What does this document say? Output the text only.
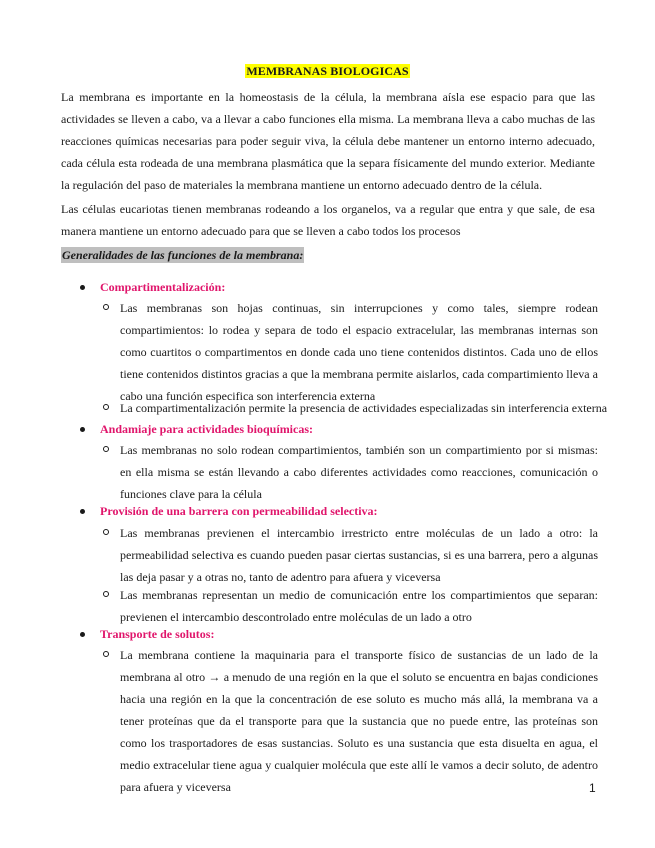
MEMBRANAS BIOLOGICAS

La membrana es importante en la homeostasis de la célula, la membrana aísla ese espacio para que las actividades se lleven a cabo, va a llevar a cabo funciones ella misma. La membrana lleva a cabo muchas de las reacciones químicas necesarias para poder seguir viva, la célula debe mantener un entorno interno adecuado, cada célula esta rodeada de una membrana plasmática que la separa físicamente del mundo exterior. Mediante la regulación del paso de materiales la membrana mantiene un entorno adecuado dentro de la célula.

Las células eucariotas tienen membranas rodeando a los organelos, va a regular que entra y que sale, de esa manera mantiene un entorno adecuado para que se lleven a cabo todos los procesos

Generalidades de las funciones de la membrana:
Compartimentalización:

Las membranas son hojas continuas, sin interrupciones y como tales, siempre rodean compartimientos: lo rodea y separa de todo el espacio extracelular, las membranas internas son como cuartitos o compartimentos en donde cada uno tiene contenidos distintos. Cada uno de ellos tiene contenidos distintos gracias a que la membrana permite aislarlos, cada compartimiento lleva a cabo una función especifica son interferencia externa

La compartimentalización permite la presencia de actividades especializadas sin interferencia externa

Andamiaje para actividades bioquímicas:

Las membranas no solo rodean compartimientos, también son un compartimiento por si mismas: en ella misma se están llevando a cabo diferentes actividades como reacciones, comunicación o funciones clave para la célula

Provisión de una barrera con permeabilidad selectiva:

Las membranas previenen el intercambio irrestricto entre moléculas de un lado a otro: la permeabilidad selectiva es cuando pueden pasar ciertas sustancias, si es una barrera, pero a algunas las deja pasar y a otras no, tanto de adentro para afuera y viceversa

Las membranas representan un medio de comunicación entre los compartimientos que separan: previenen el intercambio descontrolado entre moléculas de un lado a otro

Transporte de solutos:

La membrana contiene la maquinaria para el transporte físico de sustancias de un lado de la membrana al otro → a menudo de una región en la que el soluto se encuentra en bajas condiciones hacia una región en la que la concentración de ese soluto es mucho más allá, la membrana va a tener proteínas que da el transporte para que la sustancia que no puede entre, las proteínas son como los trasportadores de esas sustancias. Soluto es una sustancia que esta disuelta en agua, el medio extracelular tiene agua y cualquier molécula que este allí le vamos a decir soluto, de adentro para afuera y viceversa	1
